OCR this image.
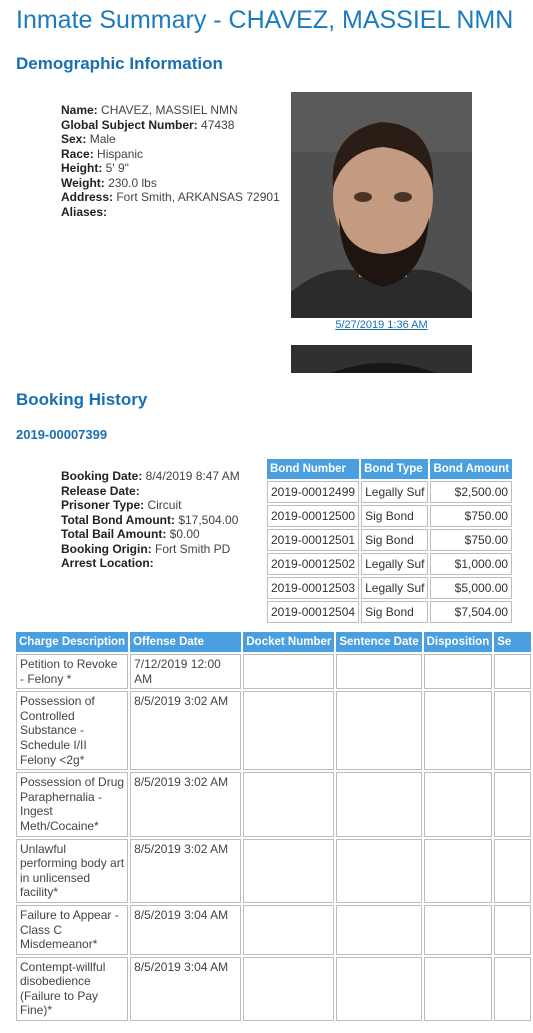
Inmate Summary - CHAVEZ, MASSIEL NMN
Demographic Information
Name: CHAVEZ, MASSIEL NMN
Global Subject Number: 47438
Sex: Male
Race: Hispanic
Height: 5' 9"
Weight: 230.0 lbs
Address: Fort Smith, ARKANSAS 72901
Aliases:
5/27/2019 1:36 AM
Booking History
2019-00007399
Booking Date: 8/4/2019 8:47 AM
Release Date:
Prisoner Type: Circuit
Total Bond Amount: $17,504.00
Total Bail Amount: $0.00
Booking Origin: Fort Smith PD
Arrest Location:
Bond Number	Bond Type	Bond Amount
2019-00012499	Legally Suf	$2,500.00
2019-00012500	Sig Bond	$750.00
2019-00012501	Sig Bond	$750.00
2019-00012502	Legally Suf	$1,000.00
2019-00012503	Legally Suf	$5,000.00
2019-00012504	Sig Bond	$7,504.00
Charge Description	Offense Date	Docket Number	Sentence Date	Disposition	Se
Petition to Revoke - Felony *	7/12/2019 12:00 AM				
Possession of Controlled Substance - Schedule I/II Felony <2g*	8/5/2019 3:02 AM				
Possession of Drug Paraphernalia - Ingest Meth/Cocaine*	8/5/2019 3:02 AM				
Unlawful performing body art in unlicensed facility*	8/5/2019 3:02 AM				
Failure to Appear - Class C Misdemeanor*	8/5/2019 3:04 AM				
Contempt-willful disobedience (Failure to Pay Fine)*	8/5/2019 3:04 AM				
